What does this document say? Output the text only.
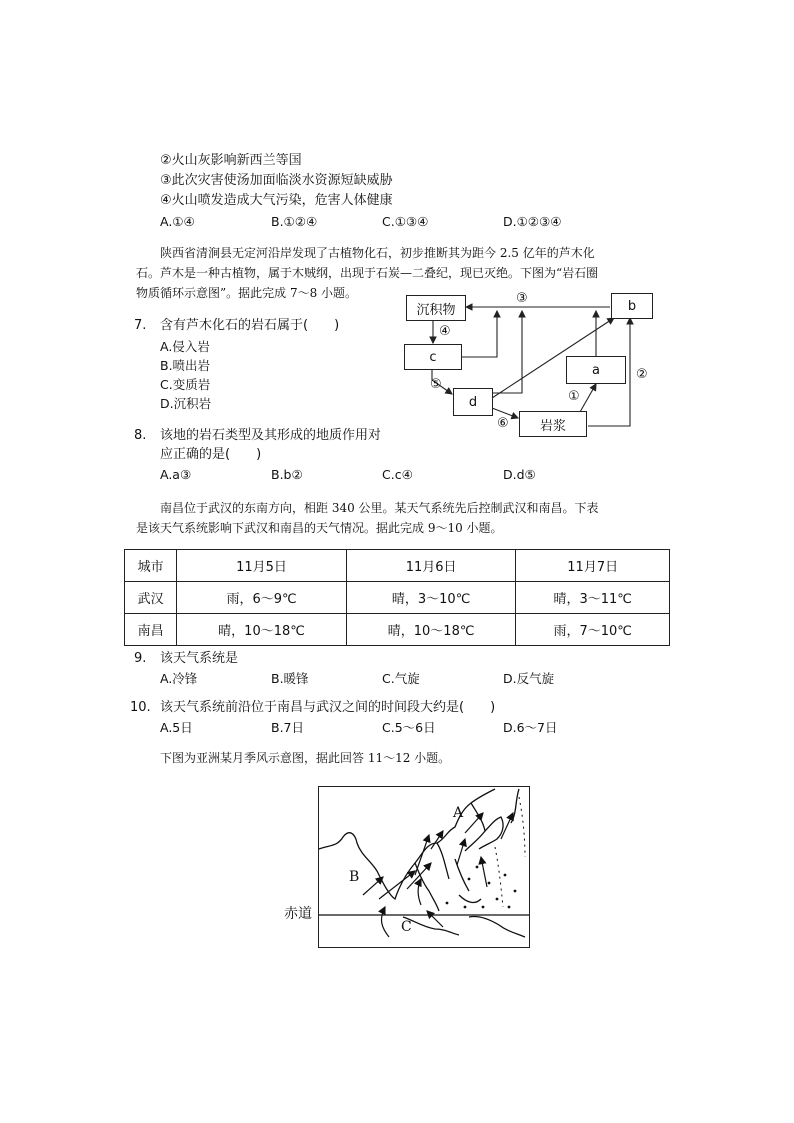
②火山灰影响新西兰等国
③此次灾害使汤加面临淡水资源短缺威胁
④火山喷发造成大气污染，危害人体健康
A.①④	B.①②④	C.①③④	D.①②③④
陕西省清涧县无定河沿岸发现了古植物化石，初步推断其为距今 2.5 亿年的芦木化
石。芦木是一种古植物，属于木贼纲，出现于石炭—二叠纪，现已灭绝。下图为“岩石圈
物质循环示意图”。据此完成 7～8 小题。
7. 含有芦木化石的岩石属于(　　)
A.侵入岩
B.喷出岩
C.变质岩
D.沉积岩
8. 该地的岩石类型及其形成的地质作用对
应正确的是(　　)
A.a③	B.b②	C.c④	D.d⑤
沉积物	b
c
a
d
岩浆
③
④
⑤
⑥
①
②
南昌位于武汉的东南方向，相距 340 公里。某天气系统先后控制武汉和南昌。下表
是该天气系统影响下武汉和南昌的天气情况。据此完成 9～10 小题。
城市	11月5日	11月6日	11月7日
武汉	雨，6～9℃	晴，3～10℃	晴，3～11℃
南昌	晴，10～18℃	晴，10～18℃	雨，7～10℃
9. 该天气系统是
A.冷锋	B.暖锋	C.气旋	D.反气旋
10. 该天气系统前沿位于南昌与武汉之间的时间段大约是(　　)
A.5日	B.7日	C.5～6日	D.6～7日
下图为亚洲某月季风示意图，据此回答 11～12 小题。
A
B
C
赤道
